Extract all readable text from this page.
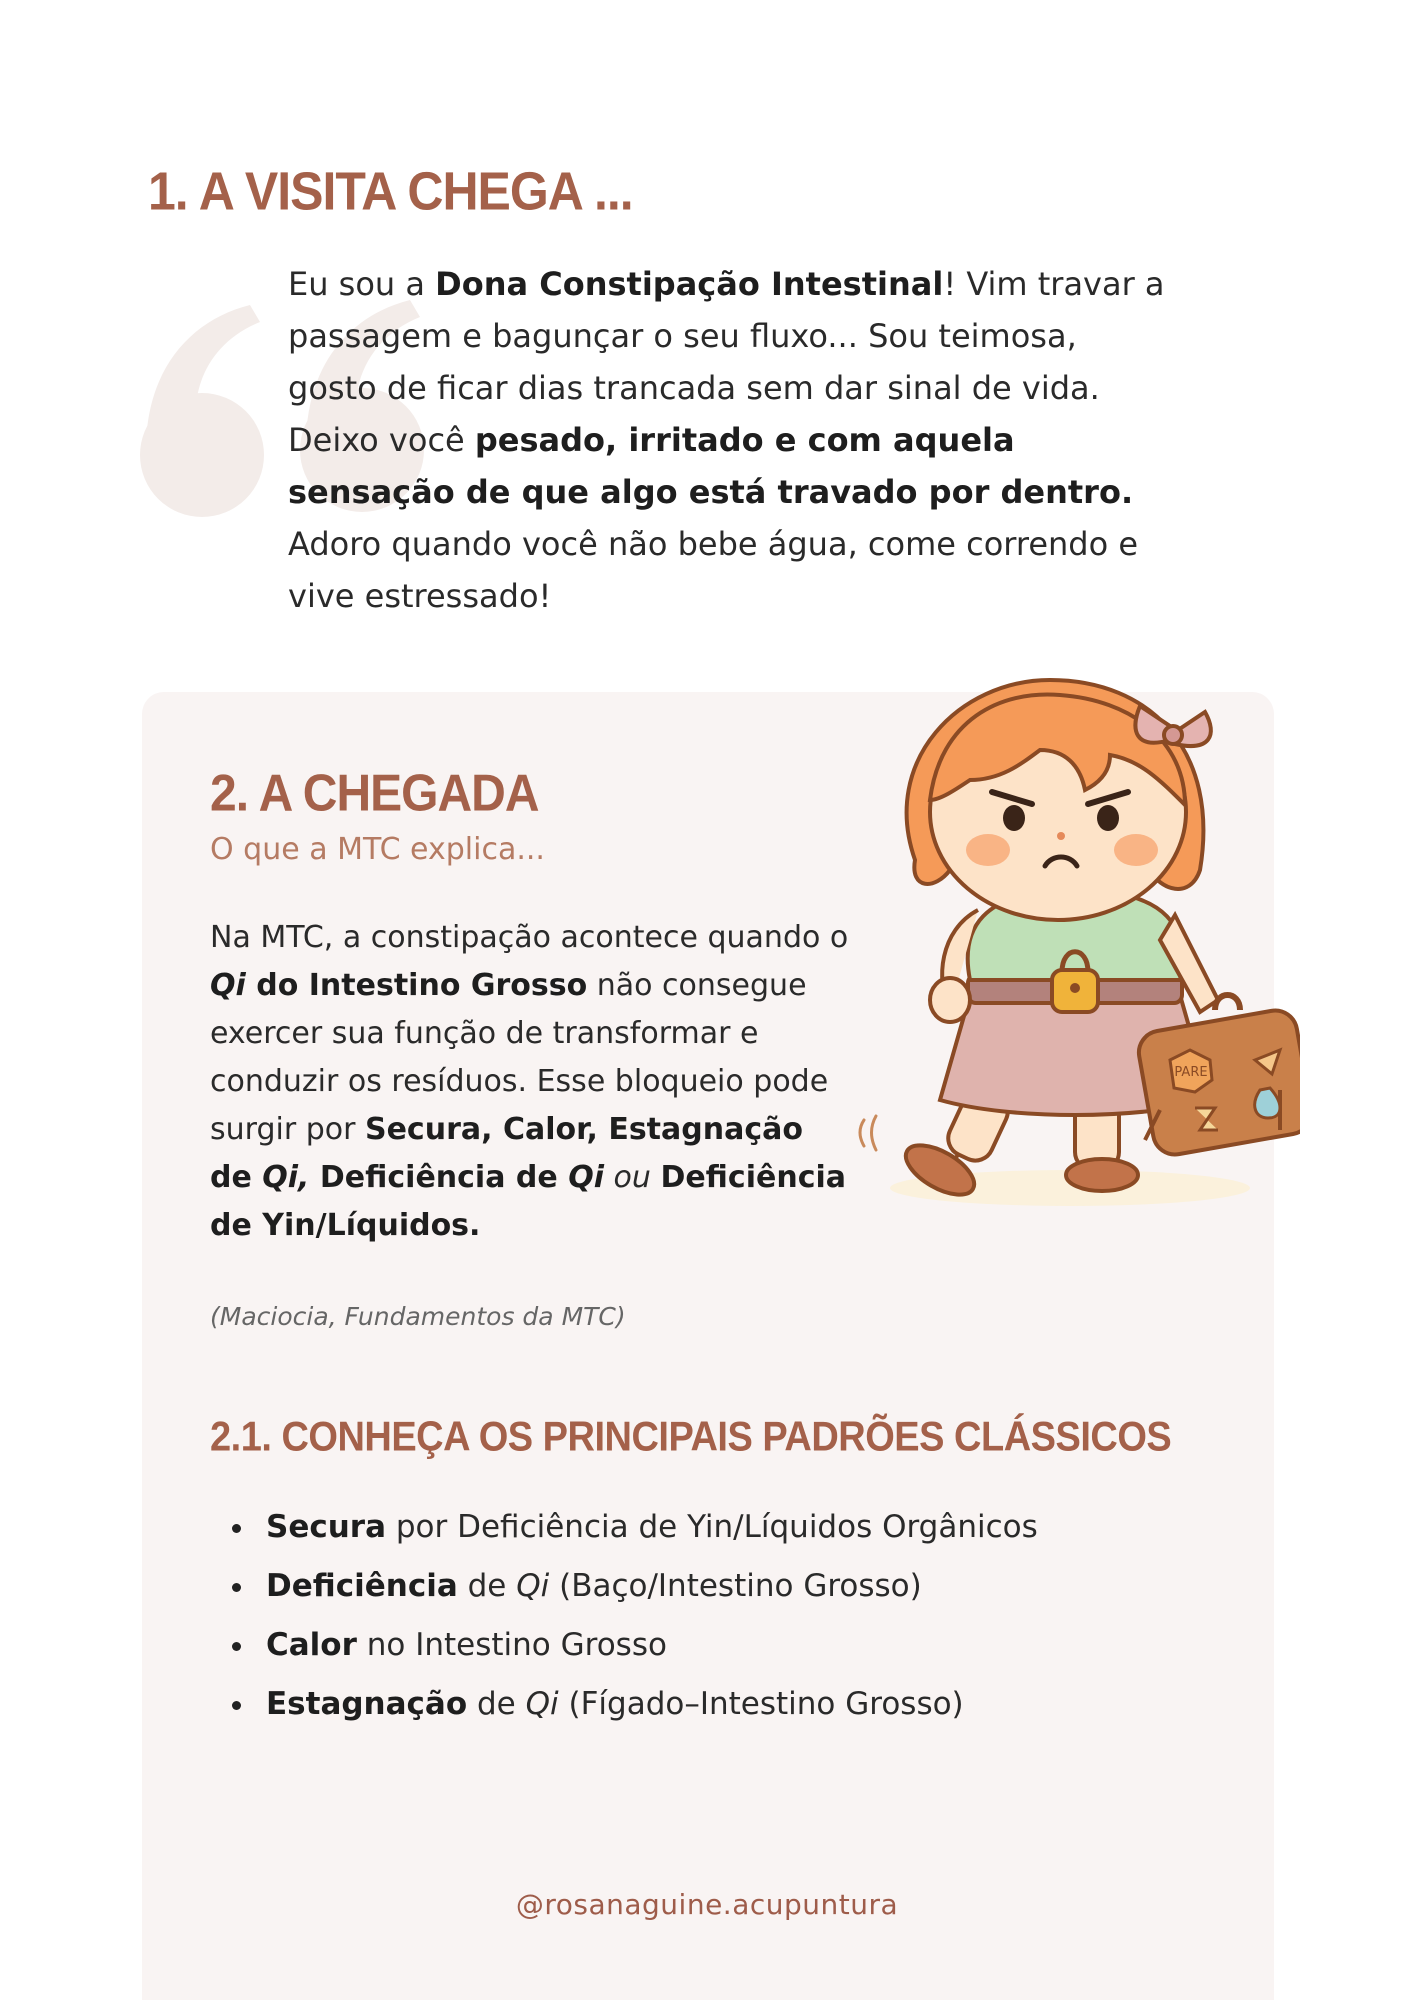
1. A VISITA CHEGA ...
Eu sou a Dona Constipação Intestinal! Vim travar a passagem e bagunçar o seu fluxo... Sou teimosa, gosto de ficar dias trancada sem dar sinal de vida. Deixo você pesado, irritado e com aquela sensação de que algo está travado por dentro. Adoro quando você não bebe água, come correndo e vive estressado!
PARE
2. A CHEGADA
O que a MTC explica...
Na MTC, a constipação acontece quando o Qi do Intestino Grosso não consegue exercer sua função de transformar e conduzir os resíduos. Esse bloqueio pode surgir por Secura, Calor, Estagnação de Qi, Deficiência de Qi ou Deficiência de Yin/Líquidos.
(Maciocia, Fundamentos da MTC)
2.1. CONHEÇA OS PRINCIPAIS PADRÕES CLÁSSICOS
Secura por Deficiência de Yin/Líquidos Orgânicos
Deficiência de Qi (Baço/Intestino Grosso)
Calor no Intestino Grosso
Estagnação de Qi (Fígado–Intestino Grosso)
@rosanaguine.acupuntura
